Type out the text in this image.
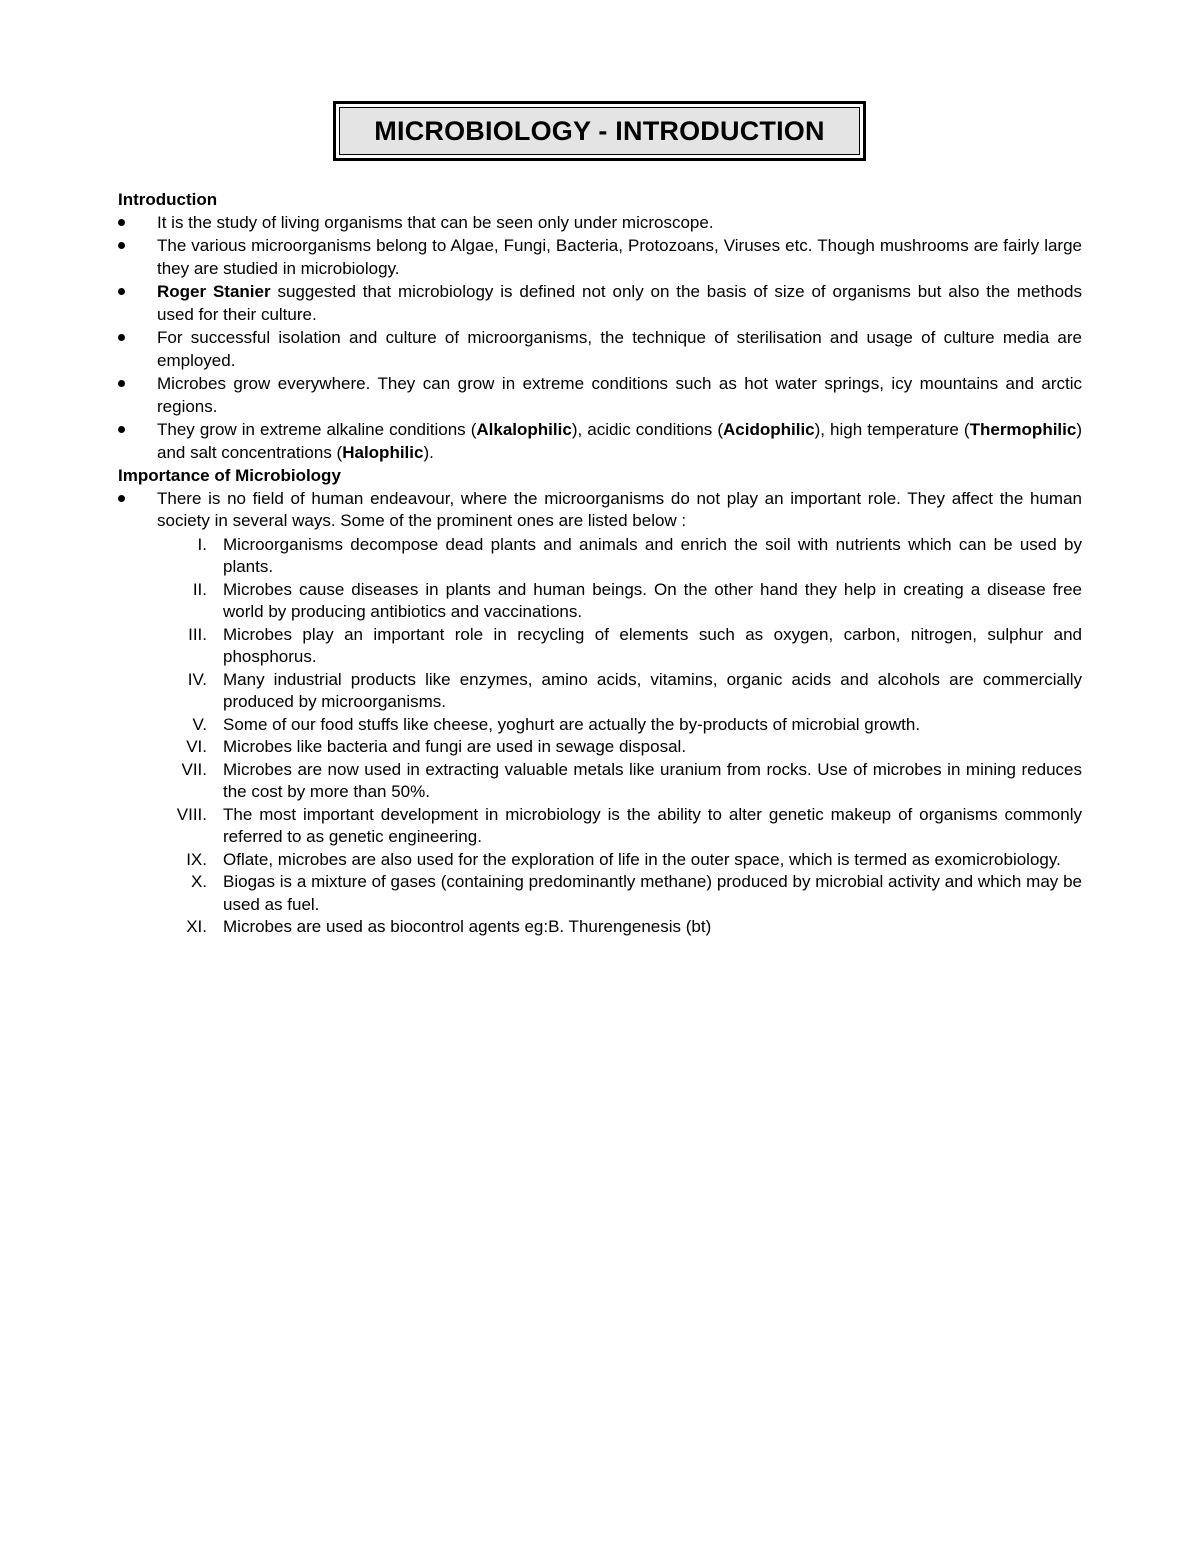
MICROBIOLOGY - INTRODUCTION

Introduction

It is the study of living organisms that can be seen only under microscope.
The various microorganisms belong to Algae, Fungi, Bacteria, Protozoans, Viruses etc. Though mushrooms are fairly large they are studied in microbiology.
Roger Stanier suggested that microbiology is defined not only on the basis of size of organisms but also the methods used for their culture.
For successful isolation and culture of microorganisms, the technique of sterilisation and usage of culture media are employed.
Microbes grow everywhere. They can grow in extreme conditions such as hot water springs, icy mountains and arctic regions.
They grow in extreme alkaline conditions (Alkalophilic), acidic conditions (Acidophilic), high temperature (Thermophilic) and salt concentrations (Halophilic).

Importance of Microbiology

There is no field of human endeavour, where the microorganisms do not play an important role. They affect the human society in several ways. Some of the prominent ones are listed below :
I. Microorganisms decompose dead plants and animals and enrich the soil with nutrients which can be used by plants.
II. Microbes cause diseases in plants and human beings. On the other hand they help in creating a disease free world by producing antibiotics and vaccinations.
III. Microbes play an important role in recycling of elements such as oxygen, carbon, nitrogen, sulphur and phosphorus.
IV. Many industrial products like enzymes, amino acids, vitamins, organic acids and alcohols are commercially produced by microorganisms.
V. Some of our food stuffs like cheese, yoghurt are actually the by-products of microbial growth.
VI. Microbes like bacteria and fungi are used in sewage disposal.
VII. Microbes are now used in extracting valuable metals like uranium from rocks. Use of microbes in mining reduces the cost by more than 50%.
VIII. The most important development in microbiology is the ability to alter genetic makeup of organisms commonly referred to as genetic engineering.
IX. Oflate, microbes are also used for the exploration of life in the outer space, which is termed as exomicrobiology.
X. Biogas is a mixture of gases (containing predominantly methane) produced by microbial activity and which may be used as fuel.
XI. Microbes are used as biocontrol agents eg:B. Thurengenesis (bt)
